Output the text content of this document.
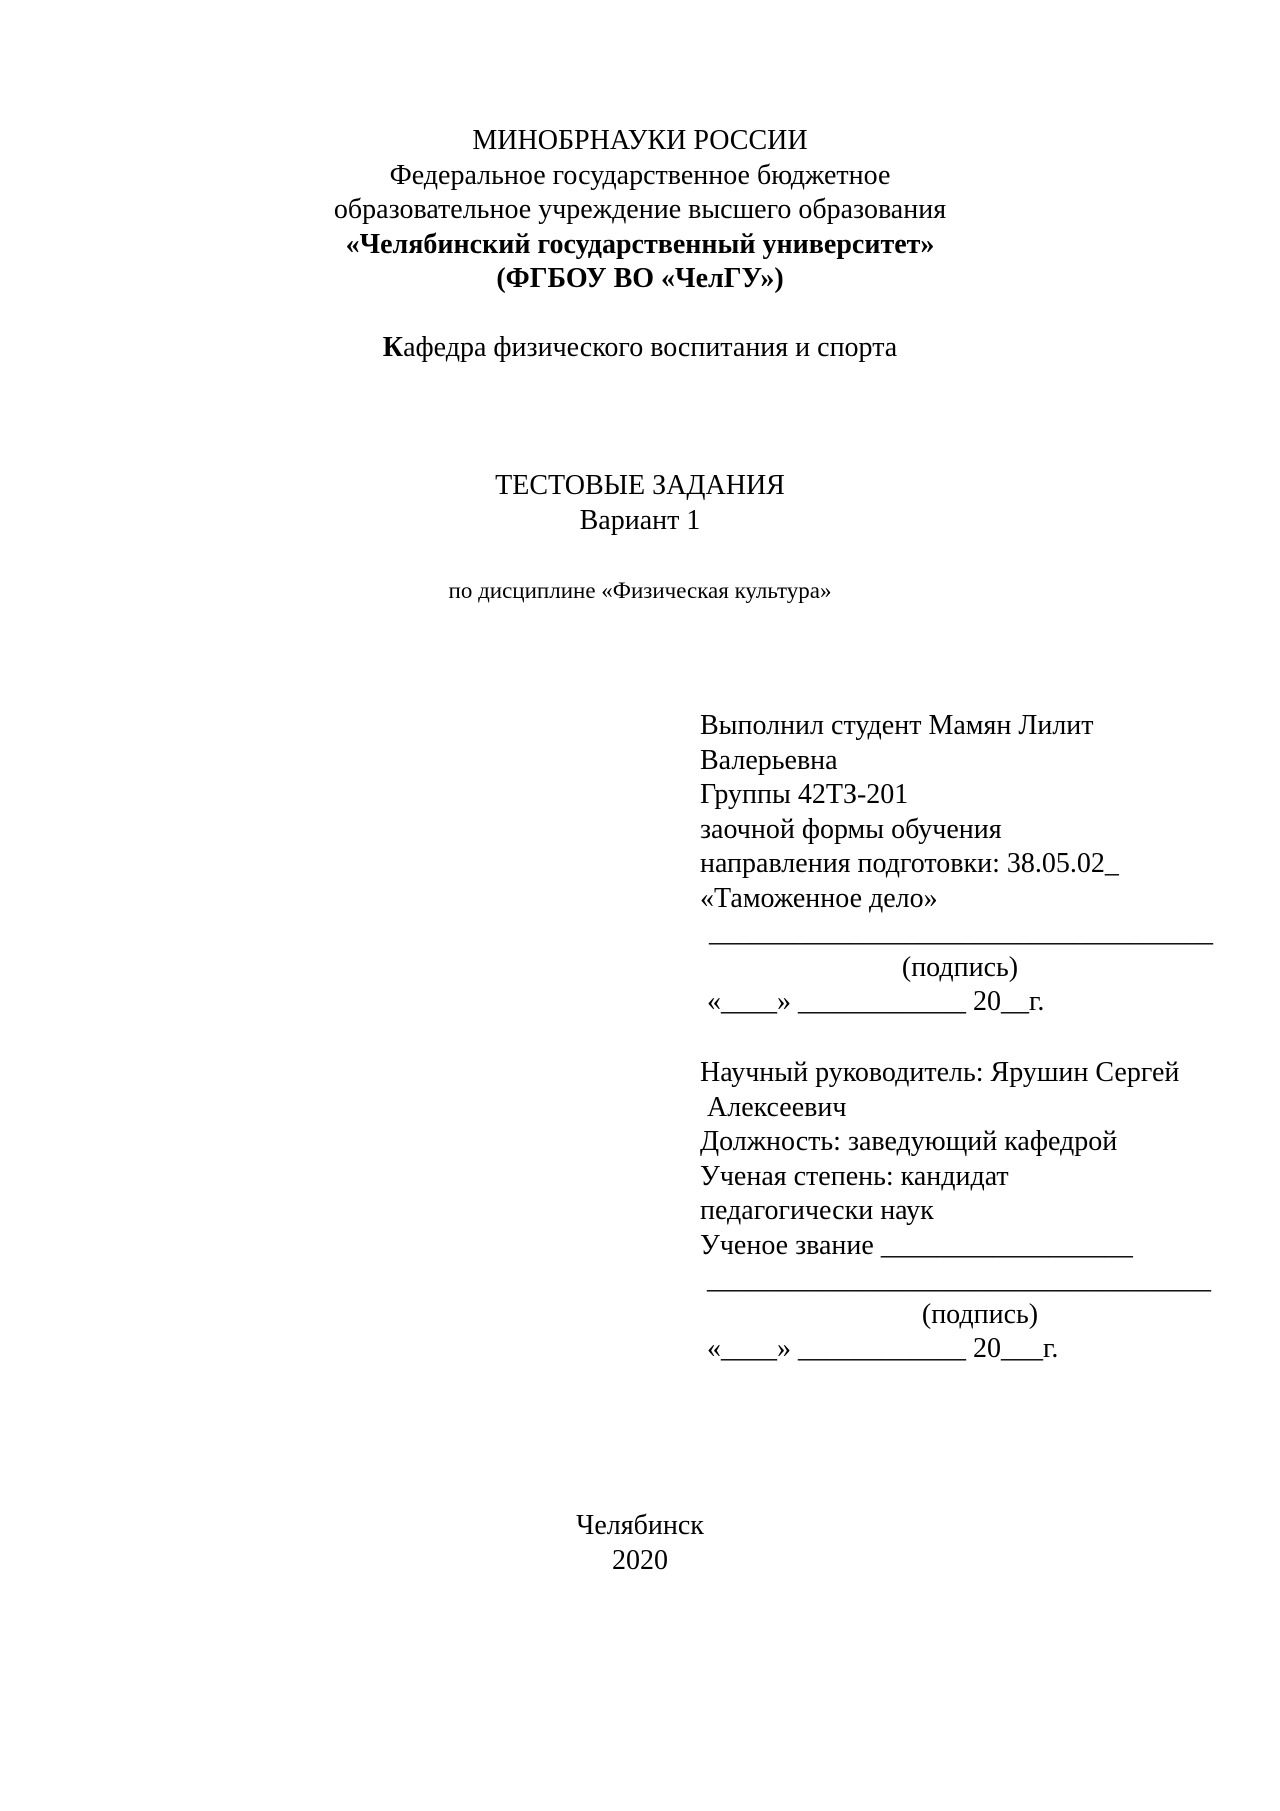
МИНОБРНАУКИ РОССИИ
Федеральное государственное бюджетное
образовательное учреждение высшего образования
«Челябинский государственный университет»
(ФГБОУ ВО «ЧелГУ»)
Кафедра физического воспитания и спорта
ТЕСТОВЫЕ ЗАДАНИЯ
Вариант 1
по дисциплине «Физическая культура»
Выполнил студент Мамян Лилит
Валерьевна
Группы 42ТЗ-201
заочной формы обучения
направления подготовки: 38.05.02_
«Таможенное дело»
____________________________________
(подпись)
«____» ____________ 20__г.
Научный руководитель: Ярушин Сергей
Алексеевич
Должность: заведующий кафедрой
Ученая степень: кандидат
педагогически наук
Ученое звание __________________
____________________________________
(подпись)
«____» ____________ 20___г.
Челябинск
2020
